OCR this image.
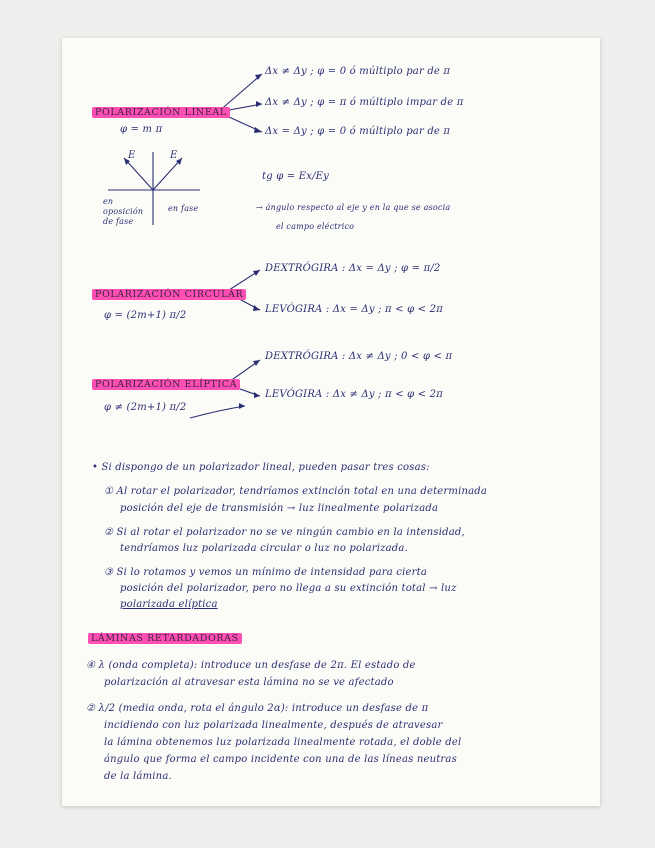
POLARIZACIÓN LINEAL
φ = m π
Δx ≠ Δy ; φ = 0 ó múltiplo par de π
Δx ≠ Δy ; φ = π ó múltiplo impar de π
Δx = Δy ; φ = 0 ó múltiplo par de π
E	E
en oposición de fase
en fase
tg φ = Ex/Ey
→ ángulo respecto al eje y en la que se asocia
el campo eléctrico
POLARIZACIÓN CIRCULAR
φ = (2m+1) π/2
DEXTRÓGIRA : Δx = Δy ; φ = π/2
LEVÓGIRA : Δx = Δy ; π < φ < 2π
POLARIZACIÓN ELÍPTICA
φ ≠ (2m+1) π/2
DEXTRÓGIRA : Δx ≠ Δy ; 0 < φ < π
LEVÓGIRA : Δx ≠ Δy ; π < φ < 2π
• Si dispongo de un polarizador lineal, pueden pasar tres cosas:
① Al rotar el polarizador, tendríamos extinción total en una determinada
posición del eje de transmisión → luz linealmente polarizada
② Si al rotar el polarizador no se ve ningún cambio en la intensidad,
tendríamos luz polarizada circular o luz no polarizada.
③ Si lo rotamos y vemos un mínimo de intensidad para cierta
posición del polarizador, pero no llega a su extinción total → luz
polarizada elíptica
LÁMINAS RETARDADORAS
④ λ (onda completa): introduce un desfase de 2π. El estado de
polarización al atravesar esta lámina no se ve afectado
② λ/2 (media onda, rota el ángulo 2α): introduce un desfase de π
incidiendo con luz polarizada linealmente, después de atravesar
la lámina obtenemos luz polarizada linealmente rotada, el doble del
ángulo que forma el campo incidente con una de las líneas neutras
de la lámina.
